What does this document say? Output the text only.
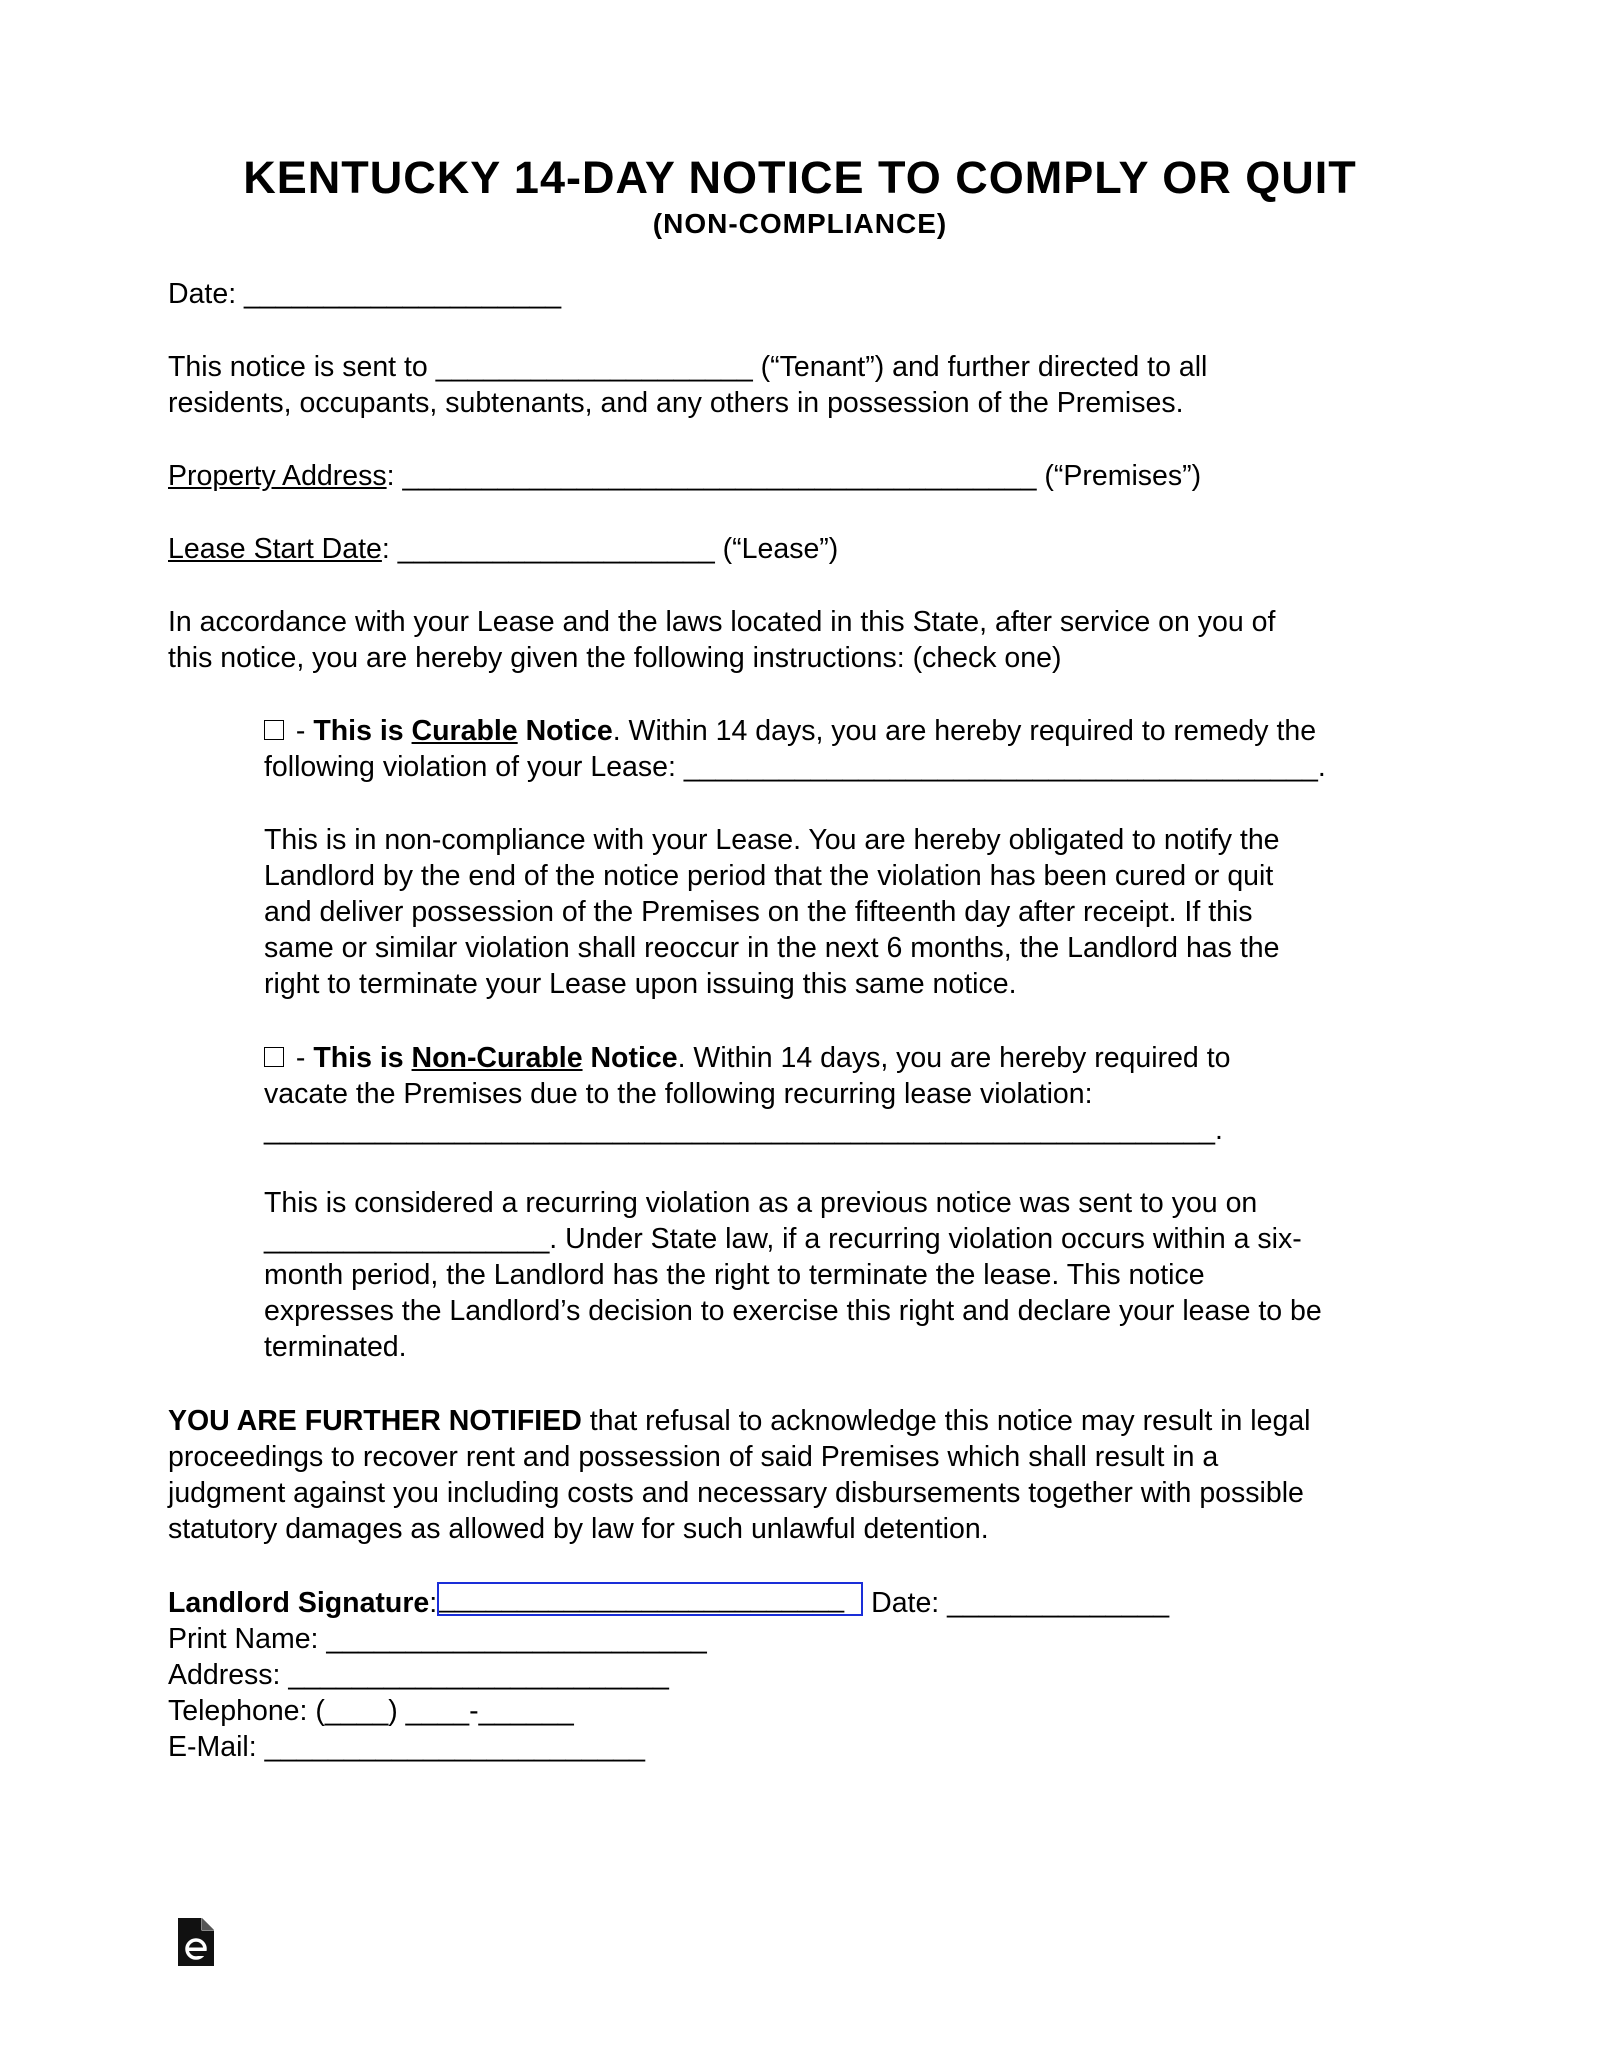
KENTUCKY 14-DAY NOTICE TO COMPLY OR QUIT
(NON-COMPLIANCE)
Date: ____________________
This notice is sent to ____________________ (“Tenant”) and further directed to all
residents, occupants, subtenants, and any others in possession of the Premises.
Property Address: ________________________________________ (“Premises”)
Lease Start Date: ____________________ (“Lease”)
In accordance with your Lease and the laws located in this State, after service on you of
this notice, you are hereby given the following instructions: (check one)
- This is Curable Notice. Within 14 days, you are hereby required to remedy the
following violation of your Lease: ________________________________________.
This is in non-compliance with your Lease. You are hereby obligated to notify the
Landlord by the end of the notice period that the violation has been cured or quit
and deliver possession of the Premises on the fifteenth day after receipt. If this
same or similar violation shall reoccur in the next 6 months, the Landlord has the
right to terminate your Lease upon issuing this same notice.
- This is Non-Curable Notice. Within 14 days, you are hereby required to
vacate the Premises due to the following recurring lease violation:
____________________________________________________________.
This is considered a recurring violation as a previous notice was sent to you on
__________________. Under State law, if a recurring violation occurs within a six-
month period, the Landlord has the right to terminate the lease. This notice
expresses the Landlord’s decision to exercise this right and declare your lease to be
terminated.
YOU ARE FURTHER NOTIFIED that refusal to acknowledge this notice may result in legal
proceedings to recover rent and possession of said Premises which shall result in a
judgment against you including costs and necessary disbursements together with possible
statutory damages as allowed by law for such unlawful detention.
Landlord Signature:__________________________ Date: ______________
Print Name: ________________________
Address: ________________________
Telephone: (____) ____-______
E-Mail: ________________________
